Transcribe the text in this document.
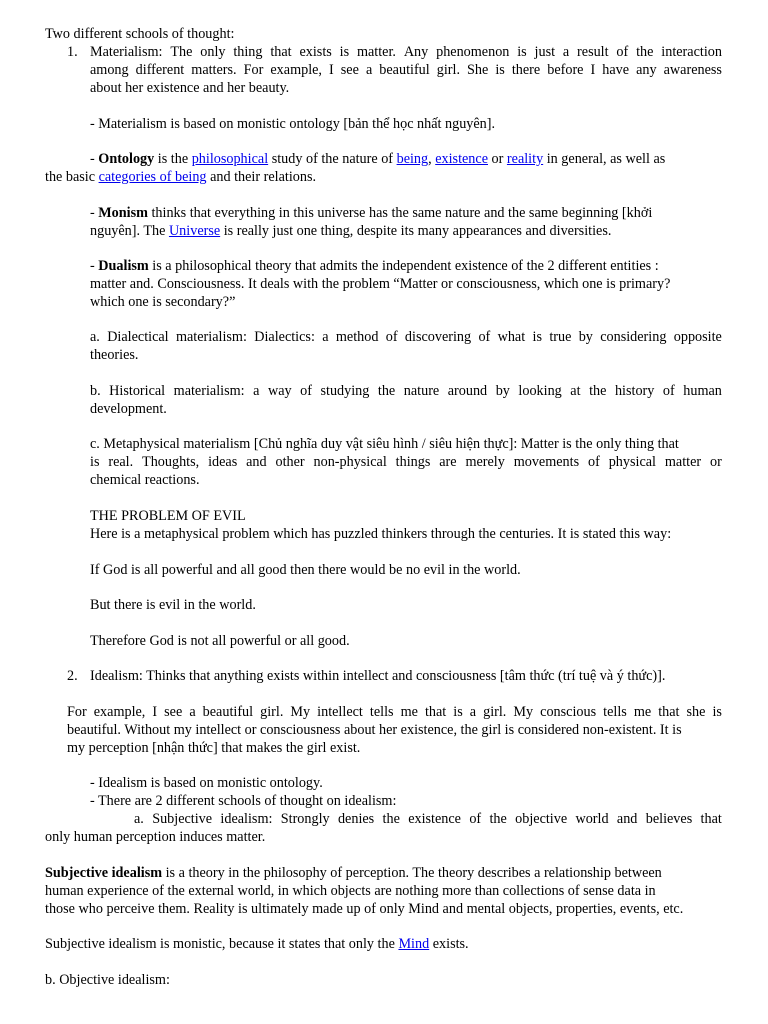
Two different schools of thought:
1. Materialism: The only thing that exists is matter. Any phenomenon is just a result of the interaction
among different matters. For example, I see a beautiful girl. She is there before I have any awareness
about her existence and her beauty.
- Materialism is based on monistic ontology [bản thể học nhất nguyên].
- Ontology is the philosophical study of the nature of being, existence or reality in general, as well as
the basic categories of being and their relations.
- Monism thinks that everything in this universe has the same nature and the same beginning [khởi
nguyên]. The Universe is really just one thing, despite its many appearances and diversities.
- Dualism is a philosophical theory that admits the independent existence of the 2 different entities :
matter and. Consciousness. It deals with the problem “Matter or consciousness, which one is primary?
which one is secondary?”
a. Dialectical materialism: Dialectics: a method of discovering of what is true by considering opposite
theories.
b. Historical materialism: a way of studying the nature around by looking at the history of human
development.
c. Metaphysical materialism [Chủ nghĩa duy vật siêu hình / siêu hiện thực]: Matter is the only thing that
is real. Thoughts, ideas and other non-physical things are merely movements of physical matter or
chemical reactions.
THE PROBLEM OF EVIL
Here is a metaphysical problem which has puzzled thinkers through the centuries. It is stated this way:
If God is all powerful and all good then there would be no evil in the world.
But there is evil in the world.
Therefore God is not all powerful or all good.
2. Idealism: Thinks that anything exists within intellect and consciousness [tâm thức (trí tuệ và ý thức)].
For example, I see a beautiful girl. My intellect tells me that is a girl. My conscious tells me that she is
beautiful. Without my intellect or consciousness about her existence, the girl is considered non-existent. It is
my perception [nhận thức] that makes the girl exist.
- Idealism is based on monistic ontology.
- There are 2 different schools of thought on idealism:
a. Subjective idealism: Strongly denies the existence of the objective world and believes that
only human perception induces matter.
Subjective idealism is a theory in the philosophy of perception. The theory describes a relationship between
human experience of the external world, in which objects are nothing more than collections of sense data in
those who perceive them. Reality is ultimately made up of only Mind and mental objects, properties, events, etc.
Subjective idealism is monistic, because it states that only the Mind exists.
b. Objective idealism:
